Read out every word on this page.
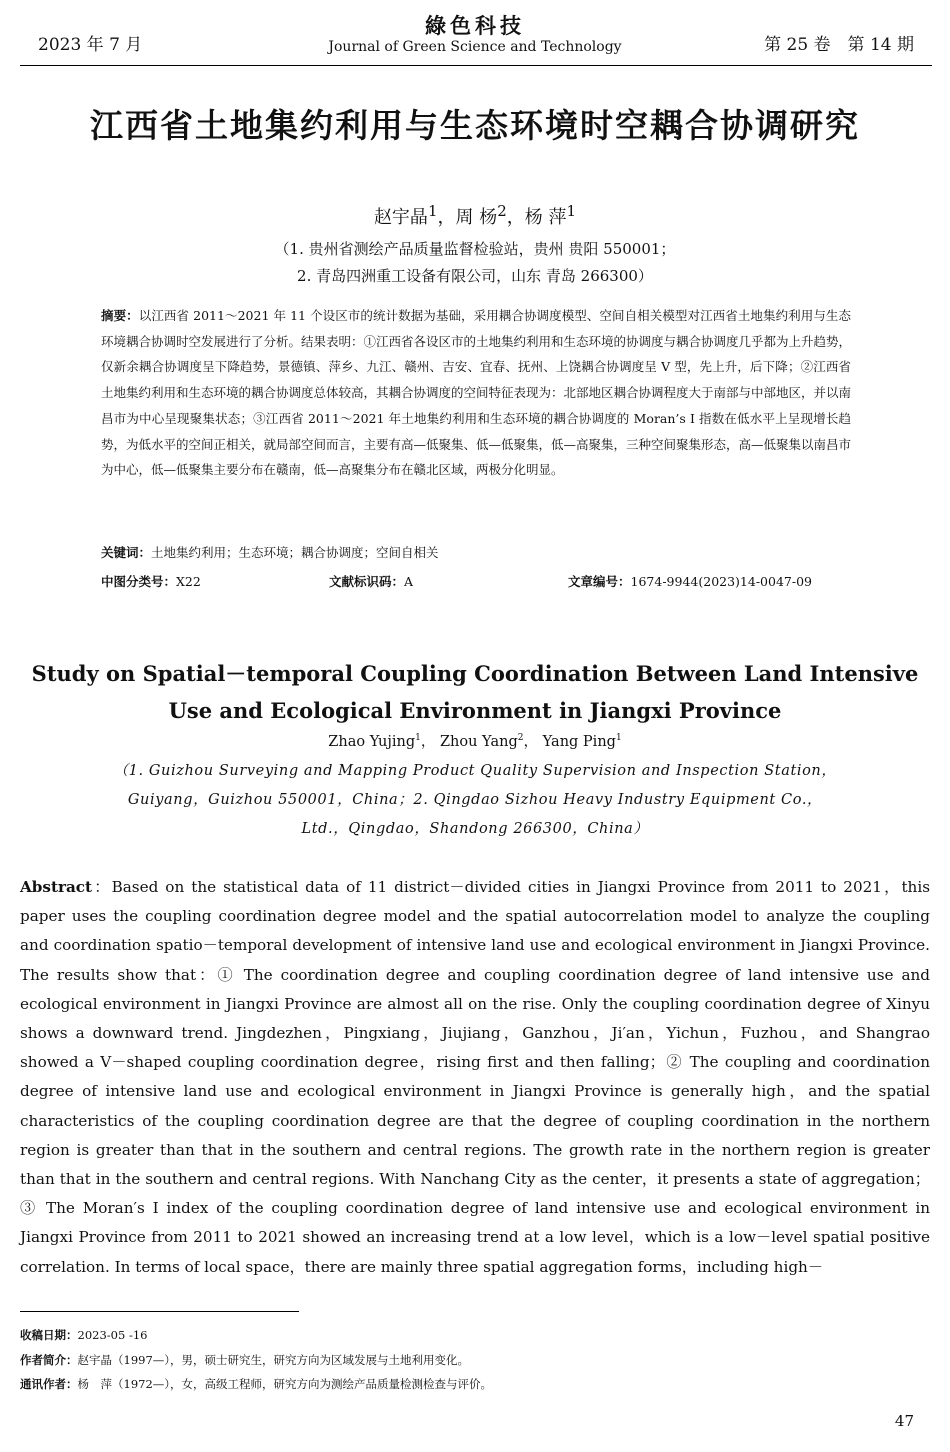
2023 年 7 月
綠色科技
Journal of Green Science and Technology	第 25 卷　第 14 期
江西省土地集约利用与生态环境时空耦合协调研究
赵宇晶$^1$，周 杨$^2$，杨 萍$^1$
（1. 贵州省测绘产品质量监督检验站，贵州 贵阳 550001；
2. 青岛四洲重工设备有限公司，山东 青岛 266300）
摘要：以江西省 2011～2021 年 11 个设区市的统计数据为基础，采用耦合协调度模型、空间自相关模型对江西省土地集约利用与生态环境耦合协调时空发展进行了分析。结果表明：①江西省各设区市的土地集约利用和生态环境的协调度与耦合协调度几乎都为上升趋势，仅新余耦合协调度呈下降趋势，景德镇、萍乡、九江、赣州、吉安、宜春、抚州、上饶耦合协调度呈 V 型，先上升，后下降；②江西省土地集约利用和生态环境的耦合协调度总体较高，其耦合协调度的空间特征表现为：北部地区耦合协调程度大于南部与中部地区，并以南昌市为中心呈现聚集状态；③江西省 2011～2021 年土地集约利用和生态环境的耦合协调度的 Moran’s I 指数在低水平上呈现增长趋势，为低水平的空间正相关，就局部空间而言，主要有高—低聚集、低—低聚集，低—高聚集，三种空间聚集形态，高—低聚集以南昌市为中心，低—低聚集主要分布在赣南，低—高聚集分布在赣北区域，两极分化明显。
关键词：土地集约利用；生态环境；耦合协调度；空间自相关
中图分类号：X22	文献标识码：A	文章编号：1674-9944(2023)14-0047-09
Study on Spatial－temporal Coupling Coordination Between Land Intensive Use and Ecological Environment in Jiangxi Province
Zhao Yujing$^1$， Zhou Yang$^2$， Yang Ping$^1$
（1. Guizhou Surveying and Mapping Product Quality Supervision and Inspection Station，
Guiyang，Guizhou 550001，China；2. Qingdao Sizhou Heavy Industry Equipment Co.，
Ltd.，Qingdao，Shandong 266300，China）
Abstract：Based on the statistical data of 11 district－divided cities in Jiangxi Province from 2011 to 2021，this paper uses the coupling coordination degree model and the spatial autocorrelation model to analyze the coupling and coordination spatio－temporal development of intensive land use and ecological environment in Jiangxi Province. The results show that：① The coordination degree and coupling coordination degree of land intensive use and ecological environment in Jiangxi Province are almost all on the rise. Only the coupling coordination degree of Xinyu shows a downward trend. Jingdezhen，Pingxiang，Jiujiang，Ganzhou，Ji′an，Yichun，Fuzhou，and Shangrao showed a V－shaped coupling coordination degree，rising first and then falling；② The coupling and coordination degree of intensive land use and ecological environment in Jiangxi Province is generally high，and the spatial characteristics of the coupling coordination degree are that the degree of coupling coordination in the northern region is greater than that in the southern and central regions. The growth rate in the northern region is greater than that in the southern and central regions. With Nanchang City as the center，it presents a state of aggregation；③ The Moran′s I index of the coupling coordination degree of land intensive use and ecological environment in Jiangxi Province from 2011 to 2021 showed an increasing trend at a low level，which is a low－level spatial positive correlation. In terms of local space，there are mainly three spatial aggregation forms，including high－
收稿日期：2023-05 -16
作者简介：赵宇晶（1997—），男，硕士研究生，研究方向为区域发展与土地利用变化。
通讯作者：杨　萍（1972—），女，高级工程师，研究方向为测绘产品质量检测检查与评价。
47
